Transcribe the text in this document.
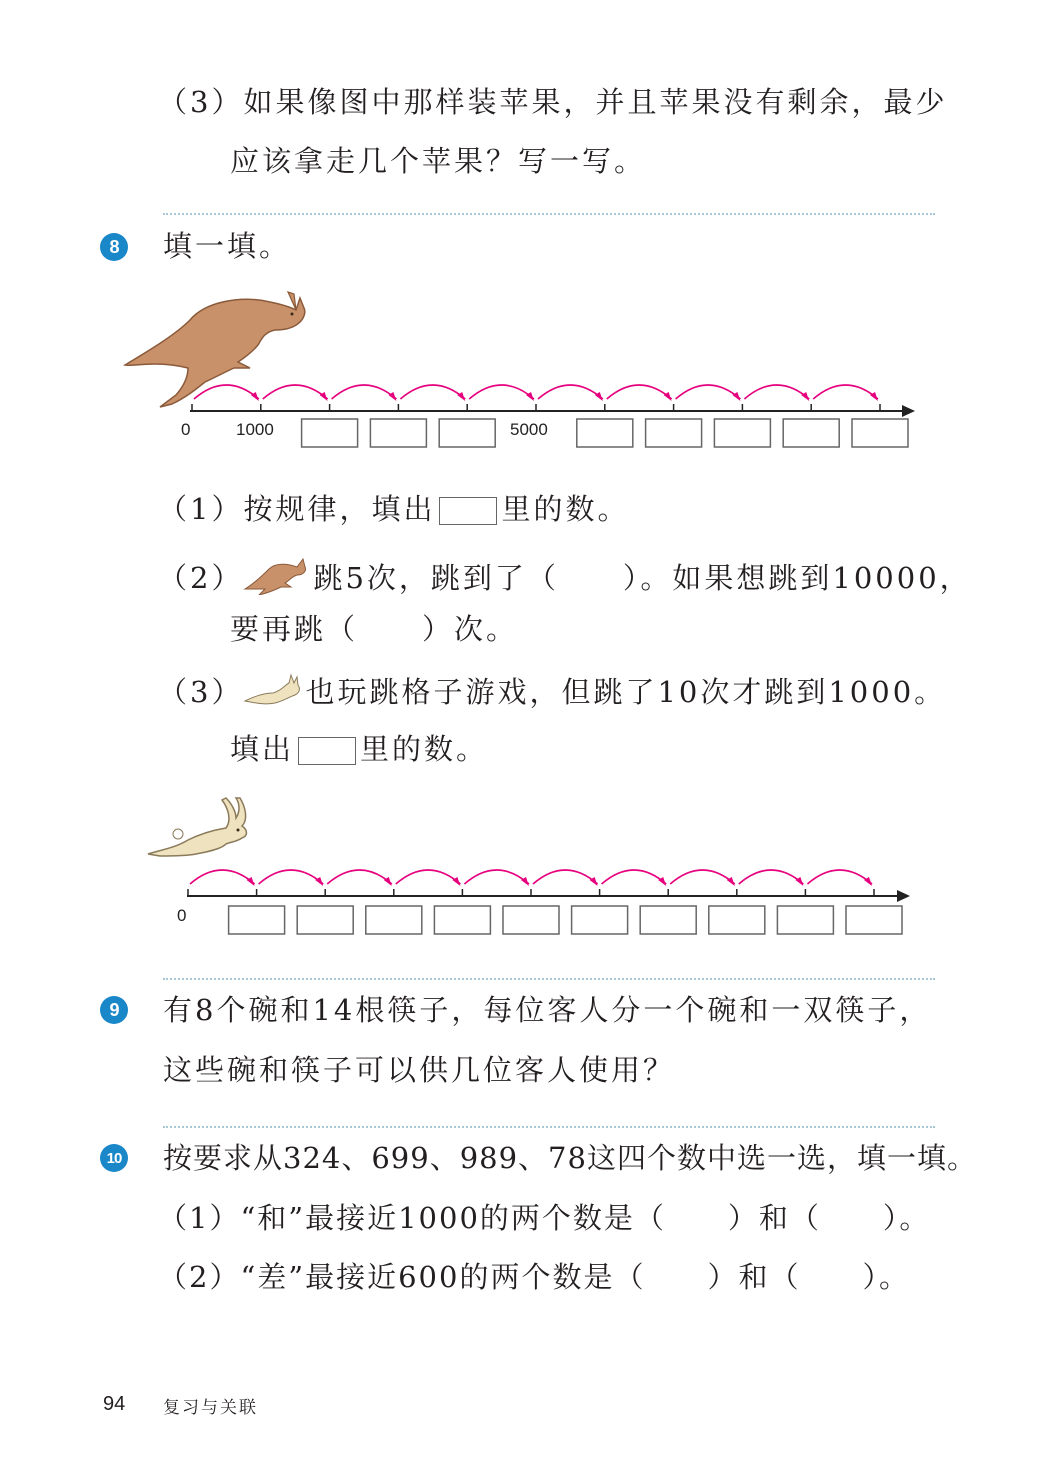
（3）如果像图中那样装苹果，并且苹果没有剩余，最少
应该拿走几个苹果？写一写。
8	填一填。
0	1000	5000
（1）按规律，填出 里的数。
（2） 跳5次，跳到了（　　）。如果想跳到10000，
要再跳（　　）次。
（3） 也玩跳格子游戏，但跳了10次才跳到1000。
填出 里的数。
0
9	有8个碗和14根筷子，每位客人分一个碗和一双筷子，
这些碗和筷子可以供几位客人使用？
10 按要求从324、699、989、78这四个数中选一选，填一填。
（1）“和”最接近1000的两个数是（　　）和（　　）。
（2）“差”最接近600的两个数是（　　）和（　　）。
94 复习与关联
